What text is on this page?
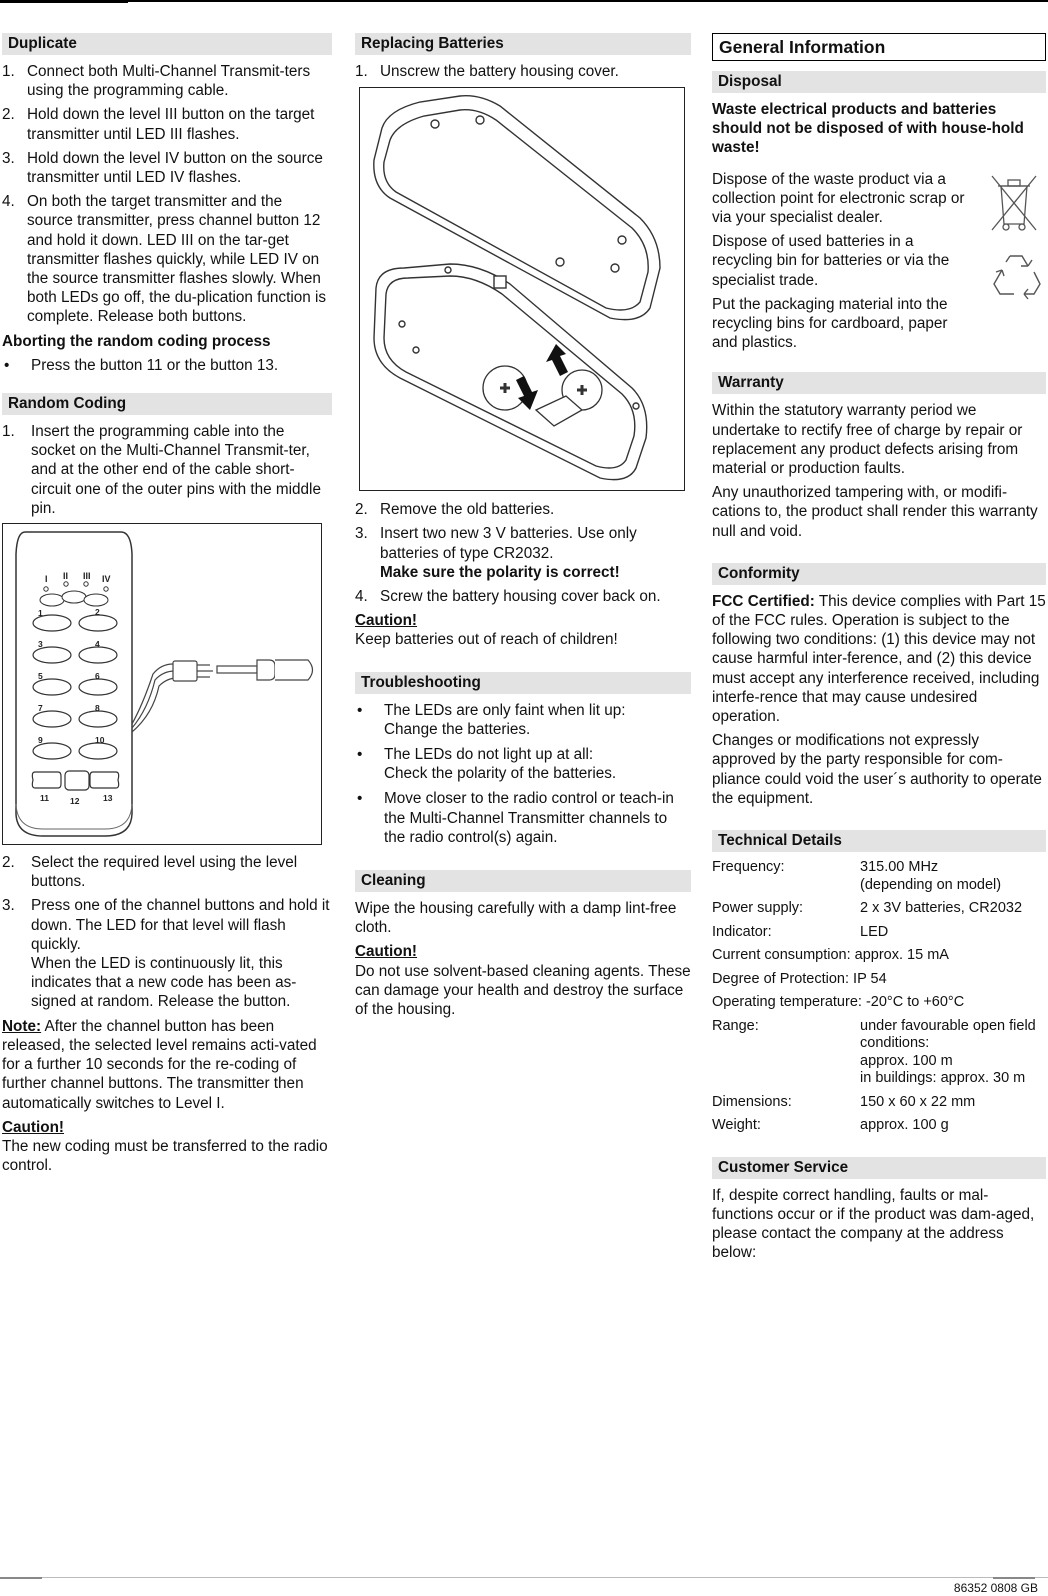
Duplicate
1. Connect both Multi-Channel Transmit-ters using the programming cable.
2. Hold down the level III button on the target transmitter until LED III flashes.
3. Hold down the level IV button on the source transmitter until LED IV flashes.
4. On both the target transmitter and the source transmitter, press channel button 12 and hold it down. LED III on the tar-get transmitter flashes quickly, while LED IV on the source transmitter flashes slowly. When both LEDs go off, the du-plication function is complete. Release both buttons.

Aborting the random coding process

• Press the button 11 or the button 13.
Random Coding
1. Insert the programming cable into the socket on the Multi-Channel Transmit-ter, and at the other end of the cable short-circuit one of the outer pins with the middle pin.
I II III IV
1	2
3	4
5	6
7	8
9	10
11 12	13
2. Select the required level using the level buttons.
3. Press one of the channel buttons and hold it down. The LED for that level will flash quickly.
When the LED is continuously lit, this indicates that a new code has been as-signed at random. Release the button.

Note: After the channel button has been released, the selected level remains acti-vated for a further 10 seconds for the re-coding of further channel buttons. The transmitter then automatically switches to Level I.

Caution!
The new coding must be transferred to the radio control.

Replacing Batteries
1. Unscrew the battery housing cover.
2. Remove the old batteries.
3. Insert two new 3 V batteries. Use only batteries of type CR2032.
Make sure the polarity is correct!
4. Screw the battery housing cover back on.

Caution!
Keep batteries out of reach of children!

Troubleshooting
• The LEDs are only faint when lit up:
Change the batteries.
• The LEDs do not light up at all:
Check the polarity of the batteries.
• Move closer to the radio control or teach-in the Multi-Channel Transmitter channels to the radio control(s) again.
Cleaning

Wipe the housing carefully with a damp lint-free cloth.

Caution!
Do not use solvent-based cleaning agents. These can damage your health and destroy the surface of the housing.

General Information
Disposal

Waste electrical products and batteries should not be disposed of with house-hold waste!

Dispose of the waste product via a collection point for electronic scrap or via your specialist dealer.

Dispose of used batteries in a recycling bin for batteries or via the specialist trade.

Put the packaging material into the recycling bins for cardboard, paper and plastics.

Warranty

Within the statutory warranty period we undertake to rectify free of charge by repair or replacement any product defects arising from material or production faults.

Any unauthorized tampering with, or modifi-cations to, the product shall render this warranty null and void.

Conformity

FCC Certified: This device complies with Part 15 of the FCC rules. Operation is subject to the following two conditions: (1) this device may not cause harmful inter-ference, and (2) this device must accept any interference received, including interfe-rence that may cause undesired operation.

Changes or modifications not expressly approved by the party responsible for com-pliance could void the user´s authority to operate the equipment.

Technical Details
Frequency:	315.00 MHz
(depending on model)
Power supply:	2 x 3V batteries, CR2032
Indicator:	LED
Current consumption: approx. 15 mA
Degree of Protection: IP 54
Operating temperature: -20°C to +60°C
Range:	under favourable open field conditions:
approx. 100 m
in buildings: approx. 30 m
Dimensions:	150 x 60 x 22 mm
Weight:	approx. 100 g
Customer Service

If, despite correct handling, faults or mal-functions occur or if the product was dam-aged, please contact the company at the address below:

86352 0808 GB
